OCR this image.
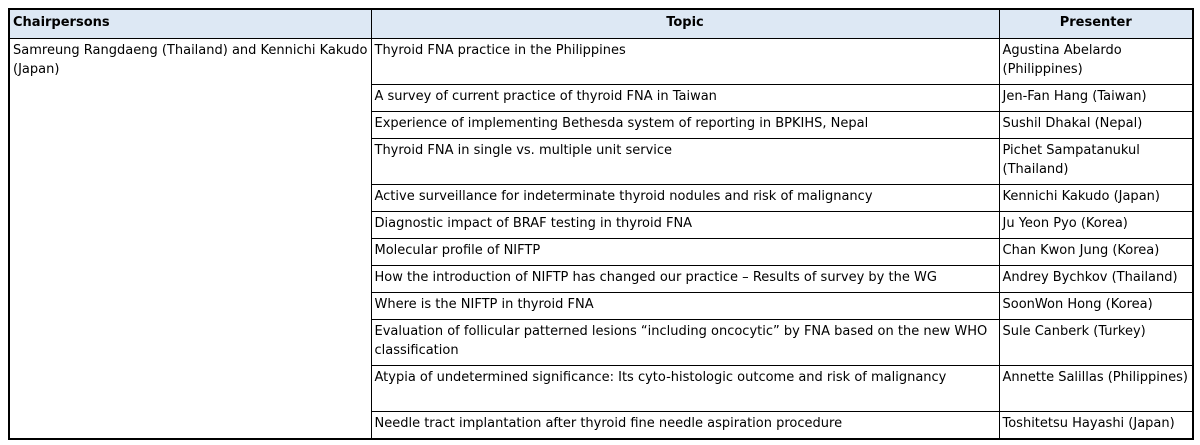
Chairpersons	Topic	Presenter
Samreung Rangdaeng (Thailand) and Kennichi Kakudo (Japan)	Thyroid FNA practice in the Philippines	Agustina Abelardo (Philippines)
	A survey of current practice of thyroid FNA in Taiwan	Jen-Fan Hang (Taiwan)
	Experience of implementing Bethesda system of reporting in BPKIHS, Nepal	Sushil Dhakal (Nepal)
	Thyroid FNA in single vs. multiple unit service	Pichet Sampatanukul (Thailand)
	Active surveillance for indeterminate thyroid nodules and risk of malignancy	Kennichi Kakudo (Japan)
	Diagnostic impact of BRAF testing in thyroid FNA	Ju Yeon Pyo (Korea)
	Molecular profile of NIFTP	Chan Kwon Jung (Korea)
	How the introduction of NIFTP has changed our practice – Results of survey by the WG	Andrey Bychkov (Thailand)
	Where is the NIFTP in thyroid FNA	SoonWon Hong (Korea)
	Evaluation of follicular patterned lesions “including oncocytic” by FNA based on the new WHO classification	Sule Canberk (Turkey)
	Atypia of undetermined significance: Its cyto-histologic outcome and risk of malignancy	Annette Salillas (Philippines)
	Needle tract implantation after thyroid fine needle aspiration procedure	Toshitetsu Hayashi (Japan)
